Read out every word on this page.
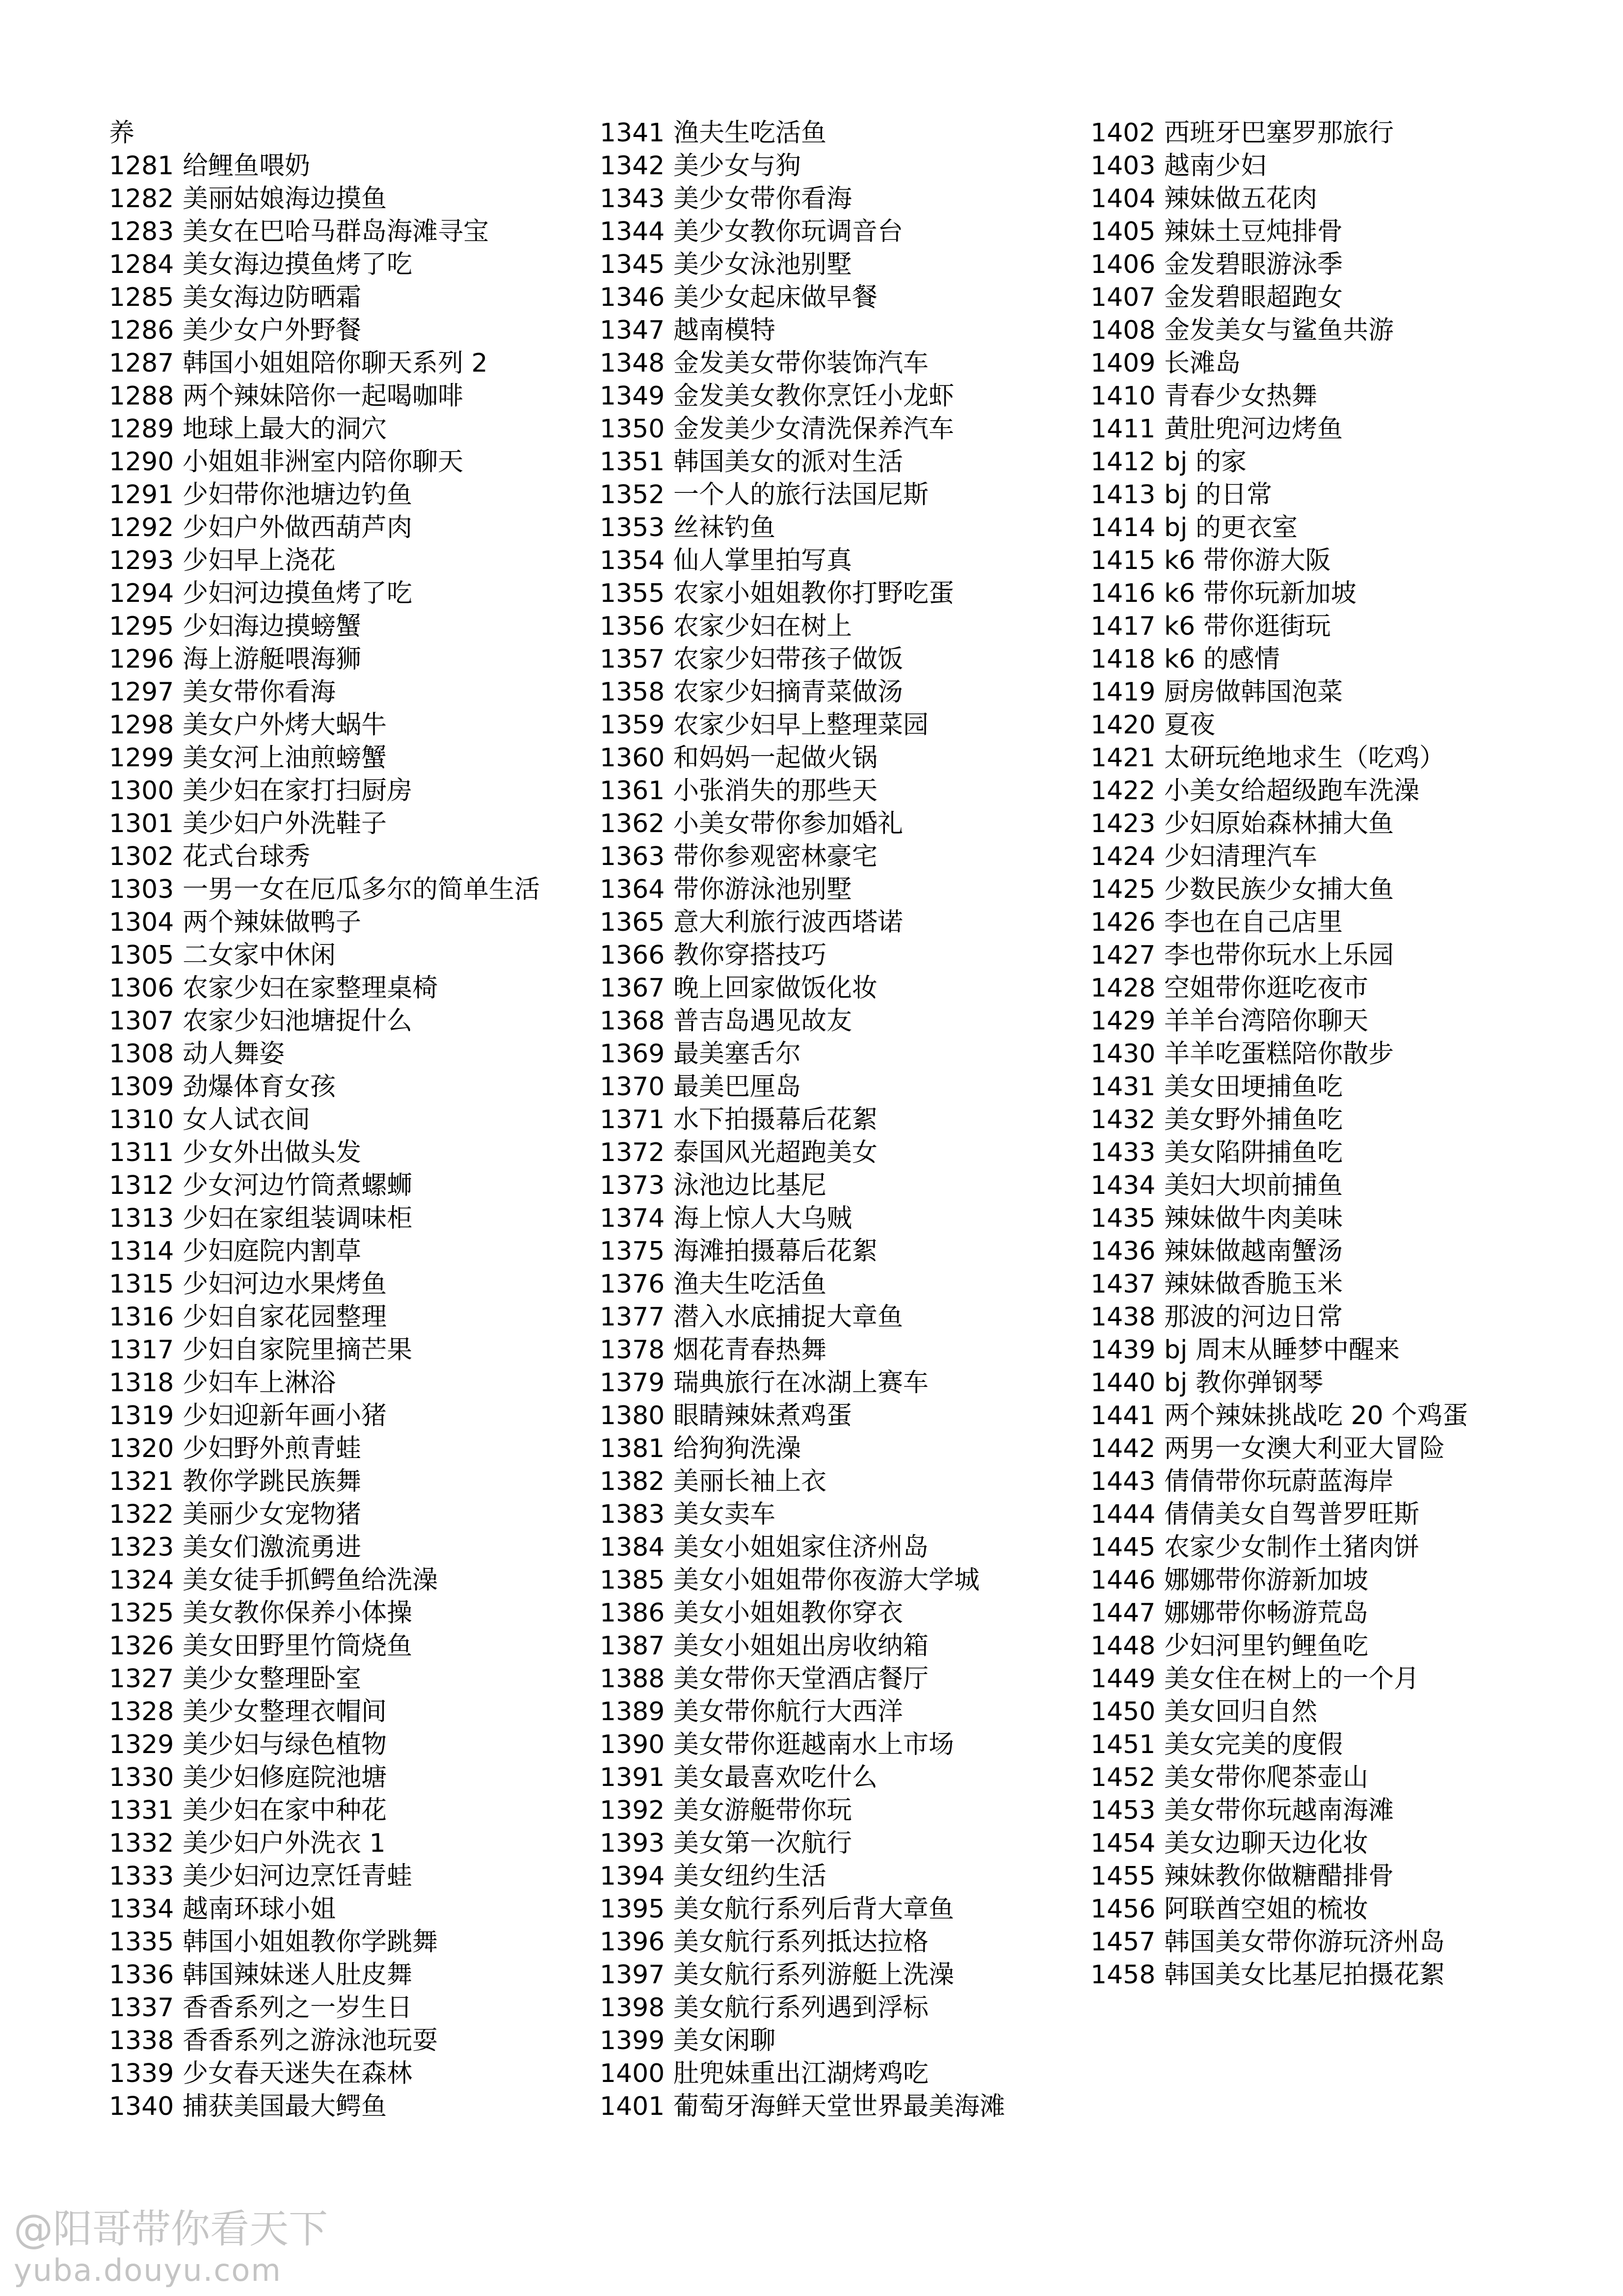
养
1281 给鲤鱼喂奶
1282 美丽姑娘海边摸鱼
1283 美女在巴哈马群岛海滩寻宝
1284 美女海边摸鱼烤了吃
1285 美女海边防晒霜
1286 美少女户外野餐
1287 韩国小姐姐陪你聊天系列 2
1288 两个辣妹陪你一起喝咖啡
1289 地球上最大的洞穴
1290 小姐姐非洲室内陪你聊天
1291 少妇带你池塘边钓鱼
1292 少妇户外做西葫芦肉
1293 少妇早上浇花
1294 少妇河边摸鱼烤了吃
1295 少妇海边摸螃蟹
1296 海上游艇喂海狮
1297 美女带你看海
1298 美女户外烤大蜗牛
1299 美女河上油煎螃蟹
1300 美少妇在家打扫厨房
1301 美少妇户外洗鞋子
1302 花式台球秀
1303 一男一女在厄瓜多尔的简单生活
1304 两个辣妹做鸭子
1305 二女家中休闲
1306 农家少妇在家整理桌椅
1307 农家少妇池塘捉什么
1308 动人舞姿
1309 劲爆体育女孩
1310 女人试衣间
1311 少女外出做头发
1312 少女河边竹筒煮螺蛳
1313 少妇在家组装调味柜
1314 少妇庭院内割草
1315 少妇河边水果烤鱼
1316 少妇自家花园整理
1317 少妇自家院里摘芒果
1318 少妇车上淋浴
1319 少妇迎新年画小猪
1320 少妇野外煎青蛙
1321 教你学跳民族舞
1322 美丽少女宠物猪
1323 美女们激流勇进
1324 美女徒手抓鳄鱼给洗澡
1325 美女教你保养小体操
1326 美女田野里竹筒烧鱼
1327 美少女整理卧室
1328 美少女整理衣帽间
1329 美少妇与绿色植物
1330 美少妇修庭院池塘
1331 美少妇在家中种花
1332 美少妇户外洗衣 1
1333 美少妇河边烹饪青蛙
1334 越南环球小姐
1335 韩国小姐姐教你学跳舞
1336 韩国辣妹迷人肚皮舞
1337 香香系列之一岁生日
1338 香香系列之游泳池玩耍
1339 少女春天迷失在森林
1340 捕获美国最大鳄鱼
1341 渔夫生吃活鱼
1342 美少女与狗
1343 美少女带你看海
1344 美少女教你玩调音台
1345 美少女泳池别墅
1346 美少女起床做早餐
1347 越南模特
1348 金发美女带你装饰汽车
1349 金发美女教你烹饪小龙虾
1350 金发美少女清洗保养汽车
1351 韩国美女的派对生活
1352 一个人的旅行法国尼斯
1353 丝袜钓鱼
1354 仙人掌里拍写真
1355 农家小姐姐教你打野吃蛋
1356 农家少妇在树上
1357 农家少妇带孩子做饭
1358 农家少妇摘青菜做汤
1359 农家少妇早上整理菜园
1360 和妈妈一起做火锅
1361 小张消失的那些天
1362 小美女带你参加婚礼
1363 带你参观密林豪宅
1364 带你游泳池别墅
1365 意大利旅行波西塔诺
1366 教你穿搭技巧
1367 晚上回家做饭化妆
1368 普吉岛遇见故友
1369 最美塞舌尔
1370 最美巴厘岛
1371 水下拍摄幕后花絮
1372 泰国风光超跑美女
1373 泳池边比基尼
1374 海上惊人大乌贼
1375 海滩拍摄幕后花絮
1376 渔夫生吃活鱼
1377 潜入水底捕捉大章鱼
1378 烟花青春热舞
1379 瑞典旅行在冰湖上赛车
1380 眼睛辣妹煮鸡蛋
1381 给狗狗洗澡
1382 美丽长袖上衣
1383 美女卖车
1384 美女小姐姐家住济州岛
1385 美女小姐姐带你夜游大学城
1386 美女小姐姐教你穿衣
1387 美女小姐姐出房收纳箱
1388 美女带你天堂酒店餐厅
1389 美女带你航行大西洋
1390 美女带你逛越南水上市场
1391 美女最喜欢吃什么
1392 美女游艇带你玩
1393 美女第一次航行
1394 美女纽约生活
1395 美女航行系列后背大章鱼
1396 美女航行系列抵达拉格
1397 美女航行系列游艇上洗澡
1398 美女航行系列遇到浮标
1399 美女闲聊
1400 肚兜妹重出江湖烤鸡吃
1401 葡萄牙海鲜天堂世界最美海滩
1402 西班牙巴塞罗那旅行
1403 越南少妇
1404 辣妹做五花肉
1405 辣妹土豆炖排骨
1406 金发碧眼游泳季
1407 金发碧眼超跑女
1408 金发美女与鲨鱼共游
1409 长滩岛
1410 青春少女热舞
1411 黄肚兜河边烤鱼
1412 bj 的家
1413 bj 的日常
1414 bj 的更衣室
1415 k6 带你游大阪
1416 k6 带你玩新加坡
1417 k6 带你逛街玩
1418 k6 的感情
1419 厨房做韩国泡菜
1420 夏夜
1421 太研玩绝地求生（吃鸡）
1422 小美女给超级跑车洗澡
1423 少妇原始森林捕大鱼
1424 少妇清理汽车
1425 少数民族少女捕大鱼
1426 李也在自己店里
1427 李也带你玩水上乐园
1428 空姐带你逛吃夜市
1429 羊羊台湾陪你聊天
1430 羊羊吃蛋糕陪你散步
1431 美女田埂捕鱼吃
1432 美女野外捕鱼吃
1433 美女陷阱捕鱼吃
1434 美妇大坝前捕鱼
1435 辣妹做牛肉美味
1436 辣妹做越南蟹汤
1437 辣妹做香脆玉米
1438 那波的河边日常
1439 bj 周末从睡梦中醒来
1440 bj 教你弹钢琴
1441 两个辣妹挑战吃 20 个鸡蛋
1442 两男一女澳大利亚大冒险
1443 倩倩带你玩蔚蓝海岸
1444 倩倩美女自驾普罗旺斯
1445 农家少女制作土猪肉饼
1446 娜娜带你游新加坡
1447 娜娜带你畅游荒岛
1448 少妇河里钓鲤鱼吃
1449 美女住在树上的一个月
1450 美女回归自然
1451 美女完美的度假
1452 美女带你爬茶壶山
1453 美女带你玩越南海滩
1454 美女边聊天边化妆
1455 辣妹教你做糖醋排骨
1456 阿联酋空姐的梳妆
1457 韩国美女带你游玩济州岛
1458 韩国美女比基尼拍摄花絮
@阳哥带你看天下
yuba.douyu.com
